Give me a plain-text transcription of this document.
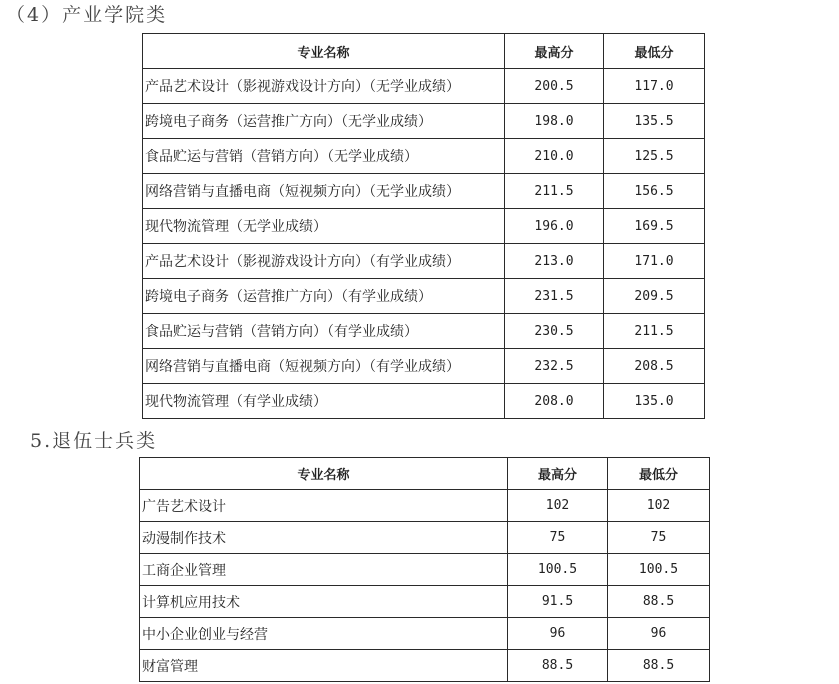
（4）产业学院类
专业名称	最高分	最低分
产品艺术设计（影视游戏设计方向）（无学业成绩）	200.5	117.0
跨境电子商务（运营推广方向）（无学业成绩）	198.0	135.5
食品贮运与营销（营销方向）（无学业成绩）	210.0	125.5
网络营销与直播电商（短视频方向）（无学业成绩）	211.5	156.5
现代物流管理（无学业成绩）	196.0	169.5
产品艺术设计（影视游戏设计方向）（有学业成绩）	213.0	171.0
跨境电子商务（运营推广方向）（有学业成绩）	231.5	209.5
食品贮运与营销（营销方向）（有学业成绩）	230.5	211.5
网络营销与直播电商（短视频方向）（有学业成绩）	232.5	208.5
现代物流管理（有学业成绩）	208.0	135.0
5.退伍士兵类
专业名称	最高分	最低分
广告艺术设计	102	102
动漫制作技术	75	75
工商企业管理	100.5	100.5
计算机应用技术	91.5	88.5
中小企业创业与经营	96	96
财富管理	88.5	88.5
